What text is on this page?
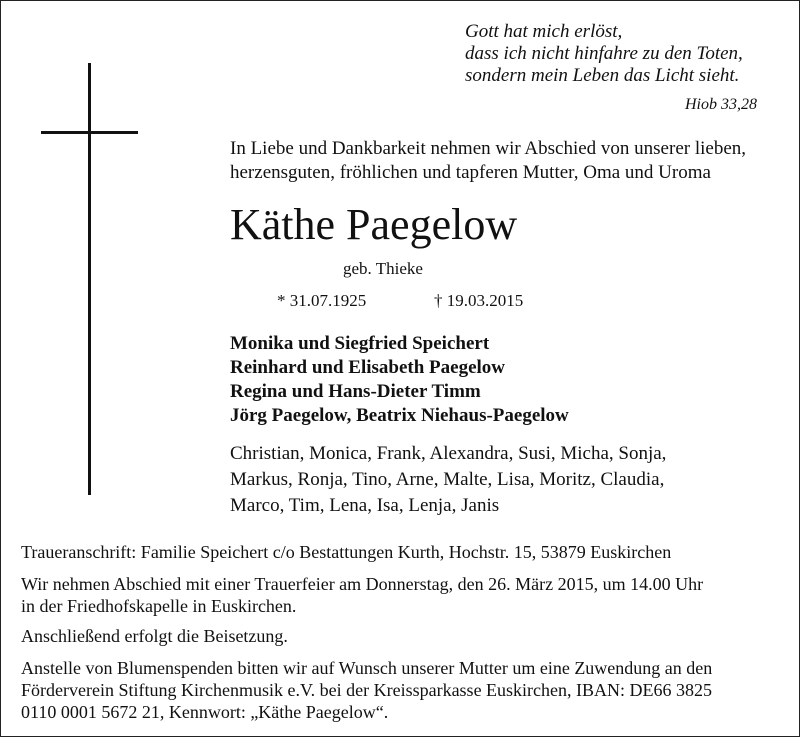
Gott hat mich erlöst,
dass ich nicht hinfahre zu den Toten,
sondern mein Leben das Licht sieht.
Hiob 33,28
In Liebe und Dankbarkeit nehmen wir Abschied von unserer lieben,
herzensguten, fröhlichen und tapferen Mutter, Oma und Uroma
Käthe Paegelow
geb. Thieke
* 31.07.1925	† 19.03.2015
Monika und Siegfried Speichert
Reinhard und Elisabeth Paegelow
Regina und Hans-Dieter Timm
Jörg Paegelow, Beatrix Niehaus-Paegelow
Christian, Monica, Frank, Alexandra, Susi, Micha, Sonja,
Markus, Ronja, Tino, Arne, Malte, Lisa, Moritz, Claudia,
Marco, Tim, Lena, Isa, Lenja, Janis

Traueranschrift: Familie Speichert c/o Bestattungen Kurth, Hochstr. 15, 53879 Euskirchen

Wir nehmen Abschied mit einer Trauerfeier am Donnerstag, den 26. März 2015, um 14.00 Uhr
in der Friedhofskapelle in Euskirchen.

Anschließend erfolgt die Beisetzung.

Anstelle von Blumenspenden bitten wir auf Wunsch unserer Mutter um eine Zuwendung an den
Förderverein Stiftung Kirchenmusik e.V. bei der Kreissparkasse Euskirchen, IBAN: DE66 3825
0110 0001 5672 21, Kennwort: „Käthe Paegelow“.
